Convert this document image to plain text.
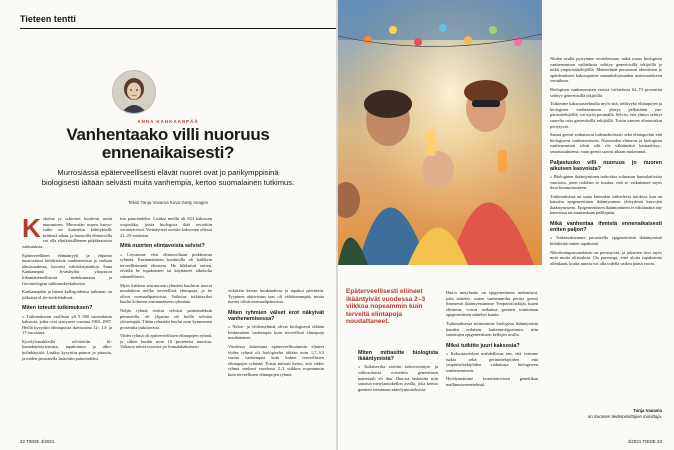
Tieteen tentti
ANNA KANKAANPÄÄ
Vanhentaako villi nuoruus ennenaikaisesti?
Murrosiässä epäterveellisesti elävät nuoret ovat jo parikymppisinä biologisesti iältään selvästi muita vanhempia, kertoo suomalainen tutkimus.
Teksti Tanja Vasama Kuva Getty Images

Kokohat ja sokeriset kuulevat usein nuoruuteen. Murrosiän nopea kasvuvaihe on kuitenkin kehitykselle kriittistä aikaa, ja huonoilla elintavoilla voi olla elinikäisilläenne pitkäkestoisia vaikutuksia.

Epäterveellinen elämäntyyli ja ylipaino murrosiässä kiihdyttävät vanhenemista jo varhain aikuisuudessa, havaitsi väitöskirjatutkija Anna Kankaanpää Jyväskylän yliopiston liikuntatieteellisestä tiedekunnasta ja Gerontologian tutkimuskeskuksesta.

Kankaanpään ja hänen kollegoidensa tutkimus on julkaistu eLife-tiedelehdessä.

Miten toteutit tutkimuksen?

» Tutkimukseen osallistui yli 5 000 suomalaista kaksosta, jotka ovat syntyneet vuosina 1983–1987. Heillä kysyttiin elintapoista ikävuosina 12-, 14- ja 17-vuotiaina.

Kyselylomakkeilla selvitettiin liikuntakäyttäytymista, tupakointia ja alkoholinkäyttöä. Lisäksi kysyttiin painoa ja pituutta, ja niiden perusteella laskettiin painoindeksi.

tiin painoindeksi. Lisäksi meillä oli 824 kaksosen osajoukko, joista biologisia ikää arvioitiin verinäytteistä. Verinäytteet otettiin kaksosten ollessa 21–25-vuotiaita.

Mitä nuorten elintavoista selvisi?

» Löysimme viisi elintavoiltaan poikkeavaa ryhmää. Ensimmäiseen kuuluvilla oli kaikkein terveellisimmät elintavat. He liikkuivat eniten, eivätkä he tupakoineet tai käyttäneet alkoholia säännöllisesti.

Myös kahteen seuraavaan ryhmään kuuluvat nuoret noudattivat melko terveellisiä elintapoja, ja he olivat normaalipainoisia. Vaikutus tutkittaviksi kuului kolmeen ensimmäiseen ryhmään.

Neljäs ryhmä erottui selvästi painoindeksin perusteella, eli ylipaino oli heillä selvästi yleisempää. Tähän ryhmään kuului noin kymmenen prosenttia tutkittavista.

Viides ryhmä oli epäterveellisten elintapojen ryhmä, ja siihen kuului noin 16 prosenttia nuorista. Valtaosa näistä nuorista joi humalahakuisesti

viikittäin kerran kuukaudessa ja tupakoi päivittäin. Tyypinen aktiivisuus taas oli vähäistenmpää, mutta nuoret olivat normaalipainoisia.

Miten ryhmien välset erot näkyivät vanhenemisessa?

» Neloo- ja viidensyhmät olivat biologisesti iältään keskimäärin vanhempia kuin terveellisiä elintapoja noudattaneet.

Vuodessa laskettuna epäterveellissimmin eläneet viides ryhmä oli biologiselta iältään noin 1,7–3,3 vuotta vanhempaa kuin kolme terveellisten elintapojen ryhmää. Toisin mittarit kertoi, että viides ryhmä vanheni vuodessa 2–3 viikkoa nopeammin kuin terveellisten elintapojen ryhmä.

22 TIEDE 4/2021
Epäterveellisesti eliineet ikääntyivät vuodessa 2–3 viikkoa nopeammin kuin terveitä elintapoja noudattaneet.
Miten mittasitte biologista ikääntymistä?

» Tutkittavilta otettiin kokoverinäyte, ja valkosoluista eristettiin geneettinen materiaali eli dna. Dna:sta laskettiin niin sanotun metylaatiokellon avulla, joka kertoo geenien toiminnan säätelymuutoksista.

Dna:n metylaatio on epigeneettinen mekanismi, joka säätelee, miten vanhemmilta perityt geenit ilmenevät ikääntyessämme. Ympäristötekijät, kuten elintavat, voivat vaikuttaa geenien toimintaan epigeneettisen säätelyn kautta.

Tutkimuksessa mittasimme biologista ikääntymistä kuuden erilaisen laskenta-algoritmin, niin sanottujen epigeneettisten kellojen avulla.

Miksi tutkitte juuri kaksosia?

» Kaksosasetelma mahdollistaa sen, että voimme tutkia sekä perintötekijöiden että ympäristötekijöiden vaikutusta biologiseen vanhenemiseen.

Hyödynnämme kvantitatiivisen genetiikan mallinnusmenetelmiä.

Niiden avulla pystymme erottelemaan, mikä osuus biologisen vanhenemisen vaihtelusta selittyy geneettisillä tekijöillä ja mikä ympäristötekijöillä. Menetelmät perustuvat identtisten ja epäidenttisten kaksosparien samankaltaisuuden matemaattiseen vertailuun.

Biologisen vanhenemisen eroista vaihtelusta 62–73 prosenttia selittyy geneettisillä tekijöillä.

Tutkimme kaksosaseelmalla myös sitä, selittyykö elintapojen ja biologisen vanhenemisen yhteys pelkästään ympäristötekijöillä, vai myös perimällä. Selvisi, että yhteys selittyi suurelta osin geneettisillä tekijöillä. Toisin sanoen elintavatkin periytyvät.

Samat geenit vaikuttavat todennäköisesti sekä elintapoihin että biologiseen vanhenemiseen. Nuoruuden elintavat ja biologisen vanhenemisen silvät silti ole välttämättä kausaalisyy–seuraussuhteena, vaan geenit saavat aikaan molemmat.

Paljastuuko villi nuoruus jo nuoren aikuisen kasvoista?

» Biologinen ikääntyminen tarkoittaa solutason kumulatiivisia vaurioita, joten riskihän se kuuluu, että se vaikuttanee myös ihon kimmoisuuteen.

Tutkimuksissa on saatu kuitenkin vaihtelevia tuloksia, kun on katsottu epigeneettinen ikääntyminen yhteydestä kasvojen ikääntymiseen. Epigeneettisten ikääntyminen ei välttämättä näy kasvoissa tai muutenkaan päällepäin.

Mikä vanhentaa ihmistä ennenaikaisesti eniten paljon?

» Tutkimuksemme perusteella epigeneettistä ikääntymistä kiihdyttää eniten tupakointi.

Nikotiinitupsuuntalaisin on perustyvää, ja jokainen tiesi myös mitä muita altistuksia. On pareempi, ettei aloita tupakointia ollenkaan, koska nuoria voi olla todella vaikea pääsä eroon.

Tanja Vasama
on Suomen tiedetoimittajien toimittaja.
4/2021 TIEDE 23
